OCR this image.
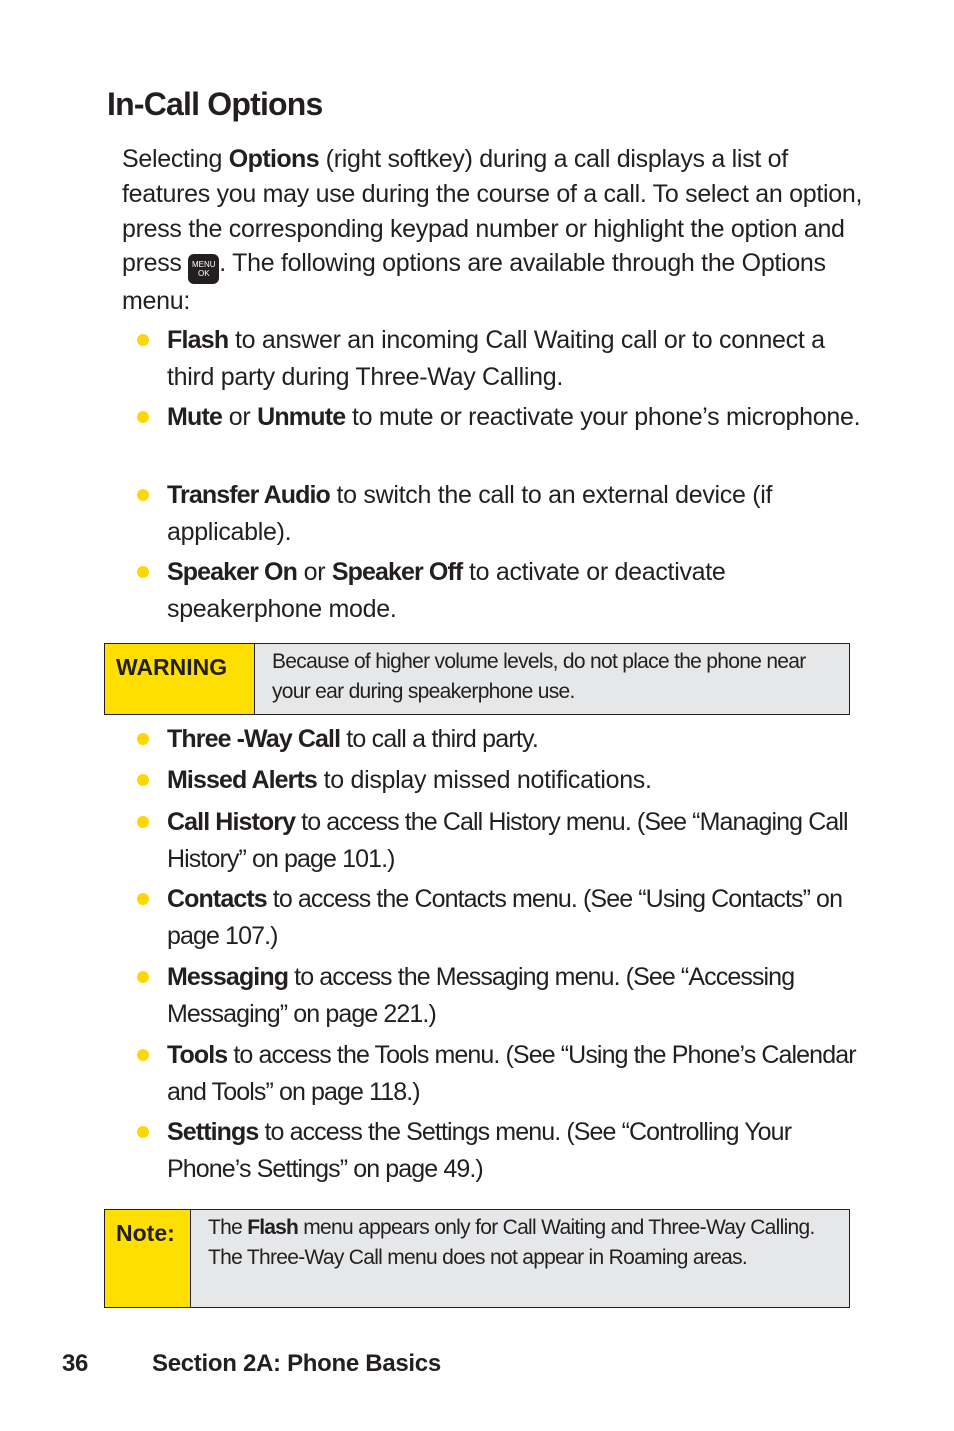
In-Call Options

Selecting Options (right softkey) during a call displays a list of features you may use during the course of a call. To select an option, press the corresponding keypad number or highlight the option and press MENU
OK . The following options are available through the Options menu:

Flash to answer an incoming Call Waiting call or to connect a third party during Three-Way Calling.
Mute or Unmute to mute or reactivate your phone’s microphone.
Transfer Audio to switch the call to an external device (if applicable).
Speaker On or Speaker Off to activate or deactivate speakerphone mode.
WARNING	Because of higher volume levels, do not place the phone near your ear during speakerphone use.
Three -Way Call to call a third party.
Missed Alerts to display missed notifications.
Call History to access the Call History menu. (See “Managing Call History” on page 101.)
Contacts to access the Contacts menu. (See “Using Contacts” on page 107.)
Messaging to access the Messaging menu. (See “Accessing Messaging” on page 221.)
Tools to access the Tools menu. (See “Using the Phone’s Calendar and Tools” on page 118.)
Settings to access the Settings menu. (See “Controlling Your Phone’s Settings” on page 49.)
Note:	The Flash menu appears only for Call Waiting and Three-Way Calling. The Three-Way Call menu does not appear in Roaming areas.
36	Section 2A: Phone Basics
